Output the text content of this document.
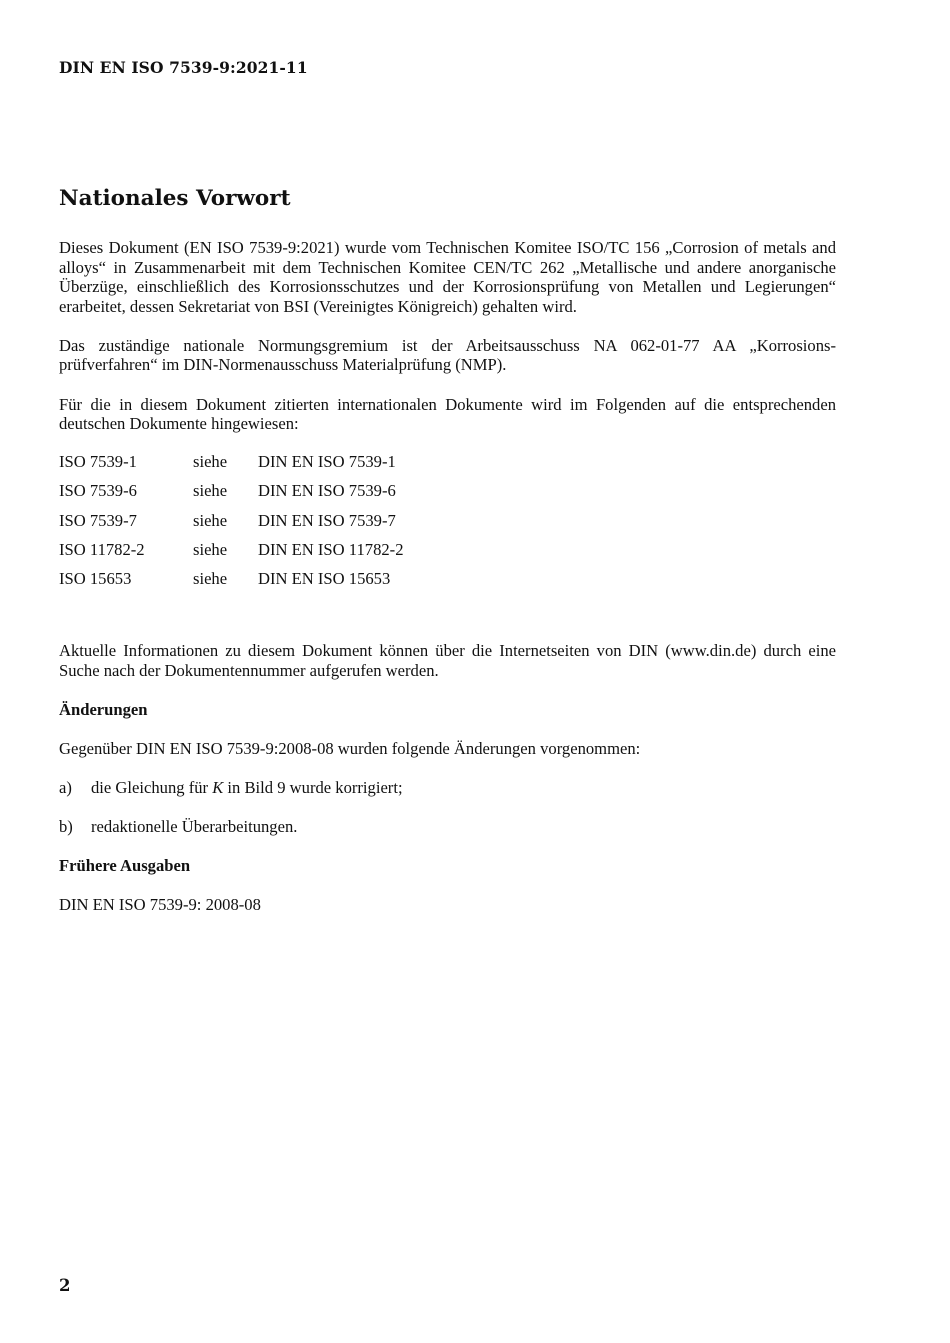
DIN EN ISO 7539-9:2021-11
Nationales Vorwort

Dieses Dokument (EN ISO 7539-9:2021) wurde vom Technischen Komitee ISO/TC 156 „Corrosion of metals and alloys“ in Zusammenarbeit mit dem Technischen Komitee CEN/TC 262 „Metallische und andere anorganische Überzüge, einschließlich des Korrosionsschutzes und der Korrosionsprüfung von Metallen und Legierungen“ erarbeitet, dessen Sekretariat von BSI (Vereinigtes Königreich) gehalten wird.

Das zuständige nationale Normungsgremium ist der Arbeitsausschuss NA 062-01-77 AA „Korrosions-prüfverfahren“ im DIN-Normenausschuss Materialprüfung (NMP).

Für die in diesem Dokument zitierten internationalen Dokumente wird im Folgenden auf die entsprechenden deutschen Dokumente hingewiesen:

ISO 7539-1	siehe	DIN EN ISO 7539-1
ISO 7539-6	siehe	DIN EN ISO 7539-6
ISO 7539-7	siehe	DIN EN ISO 7539-7
ISO 11782-2	siehe	DIN EN ISO 11782-2
ISO 15653	siehe	DIN EN ISO 15653

Aktuelle Informationen zu diesem Dokument können über die Internetseiten von DIN (www.din.de) durch eine Suche nach der Dokumentennummer aufgerufen werden.

Änderungen

Gegenüber DIN EN ISO 7539-9:2008-08 wurden folgende Änderungen vorgenommen:

a)	die Gleichung für K in Bild 9 wurde korrigiert;
b)	redaktionelle Überarbeitungen.

Frühere Ausgaben

DIN EN ISO 7539-9: 2008-08

2
